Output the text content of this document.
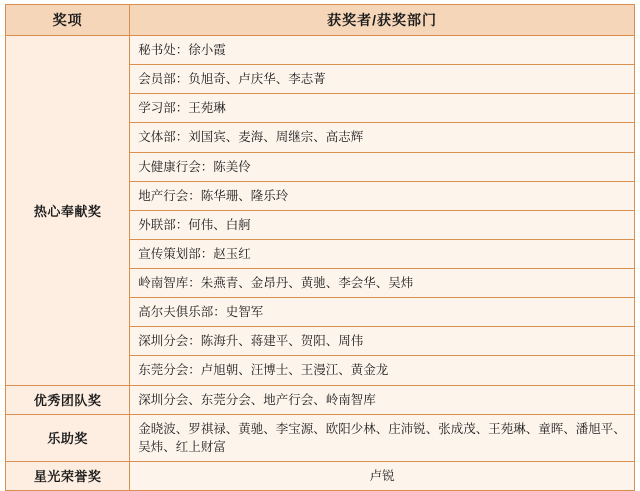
奖项	获奖者/获奖部门
热心奉献奖	秘书处：徐小霞
	会员部：负旭奇、卢庆华、李志菁
	学习部：王苑琳
	文体部：刘国宾、麦海、周继宗、高志辉
	大健康行会：陈美伶
	地产行会：陈华珊、隆乐玲
	外联部：何伟、白舸
	宣传策划部：赵玉红
	岭南智库：朱燕青、金昂丹、黄驰、李会华、吴炜
	高尔夫俱乐部：史智军
	深圳分会：陈海升、蒋建平、贺阳、周伟
	东莞分会：卢旭朝、汪博士、王漫江、黄金龙
优秀团队奖	深圳分会、东莞分会、地产行会、岭南智库
乐助奖	金晓波、罗祺禄、黄驰、李宝源、欧阳少林、庄沛锐、张成茂、王苑琳、童晖、潘旭平、吴炜、红上财富
星光荣誉奖	卢锐
